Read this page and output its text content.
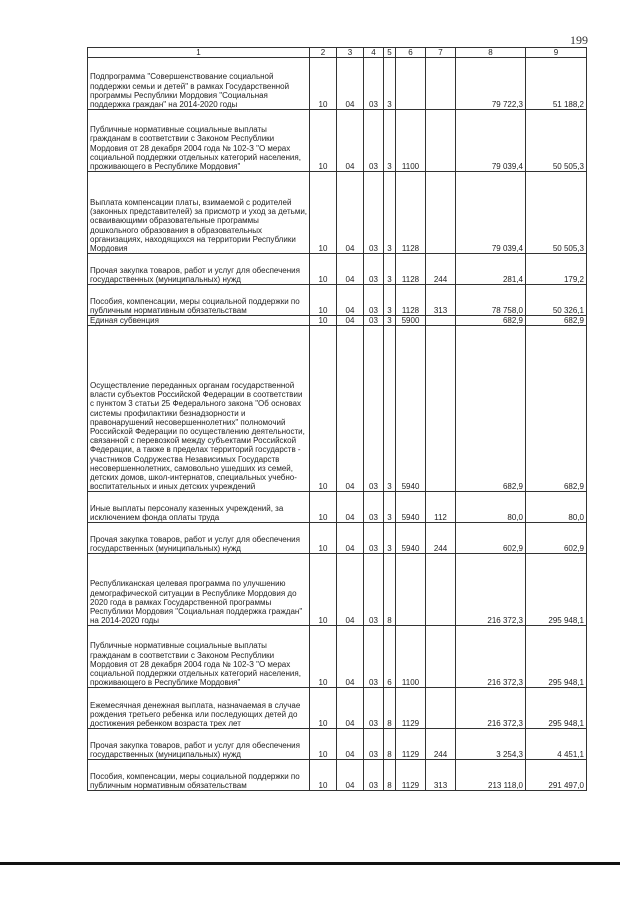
199
1	2	3	4	5	6	7	8	9
Подпрограмма "Совершенствование социальной поддержки семьи и детей" в рамках Государственной программы Республики Мордовия "Социальная поддержка граждан" на 2014-2020 годы	10	04	03	3			79 722,3	51 188,2
Публичные нормативные социальные выплаты гражданам в соответствии с Законом Республики Мордовия от 28 декабря 2004 года № 102-З "О мерах социальной поддержки отдельных категорий населения, проживающего в Республике Мордовия"	10	04	03	3	1100		79 039,4	50 505,3
Выплата компенсации платы, взимаемой с родителей (законных представителей) за присмотр и уход за детьми, осваивающими образовательные программы дошкольного образования в образовательных организациях, находящихся на территории Республики Мордовия	10	04	03	3	1128		79 039,4	50 505,3
Прочая закупка товаров, работ и услуг для обеспечения государственных (муниципальных) нужд	10	04	03	3	1128	244	281,4	179,2
Пособия, компенсации, меры социальной поддержки по публичным нормативным обязательствам	10	04	03	3	1128	313	78 758,0	50 326,1
Единая субвенция	10	04	03	3	5900		682,9	682,9
Осуществление переданных органам государственной власти субъектов Российской Федерации в соответствии с пунктом 3 статьи 25 Федерального закона "Об основах системы профилактики безнадзорности и правонарушений несовершеннолетних" полномочий Российской Федерации по осуществлению деятельности, связанной с перевозкой между субъектами Российской Федерации, а также в пределах территорий государств - участников Содружества Независимых Государств несовершеннолетних, самовольно ушедших из семей, детских домов, школ-интернатов, специальных учебно-воспитательных и иных детских учреждений	10	04	03	3	5940		682,9	682,9
Иные выплаты персоналу казенных учреждений, за исключением фонда оплаты труда	10	04	03	3	5940	112	80,0	80,0
Прочая закупка товаров, работ и услуг для обеспечения государственных (муниципальных) нужд	10	04	03	3	5940	244	602,9	602,9
Республиканская целевая программа по улучшению демографической ситуации в Республике Мордовия до 2020 года в рамках Государственной программы Республики Мордовия "Социальная поддержка граждан" на 2014-2020 годы	10	04	03	8			216 372,3	295 948,1
Публичные нормативные социальные выплаты гражданам в соответствии с Законом Республики Мордовия от 28 декабря 2004 года № 102-З "О мерах социальной поддержки отдельных категорий населения, проживающего в Республике Мордовия"	10	04	03	6	1100		216 372,3	295 948,1
Ежемесячная денежная выплата, назначаемая в случае рождения третьего ребенка или последующих детей до достижения ребенком возраста трех лет	10	04	03	8	1129		216 372,3	295 948,1
Прочая закупка товаров, работ и услуг для обеспечения государственных (муниципальных) нужд	10	04	03	8	1129	244	3 254,3	4 451,1
Пособия, компенсации, меры социальной поддержки по публичным нормативным обязательствам	10	04	03	8	1129	313	213 118,0	291 497,0
